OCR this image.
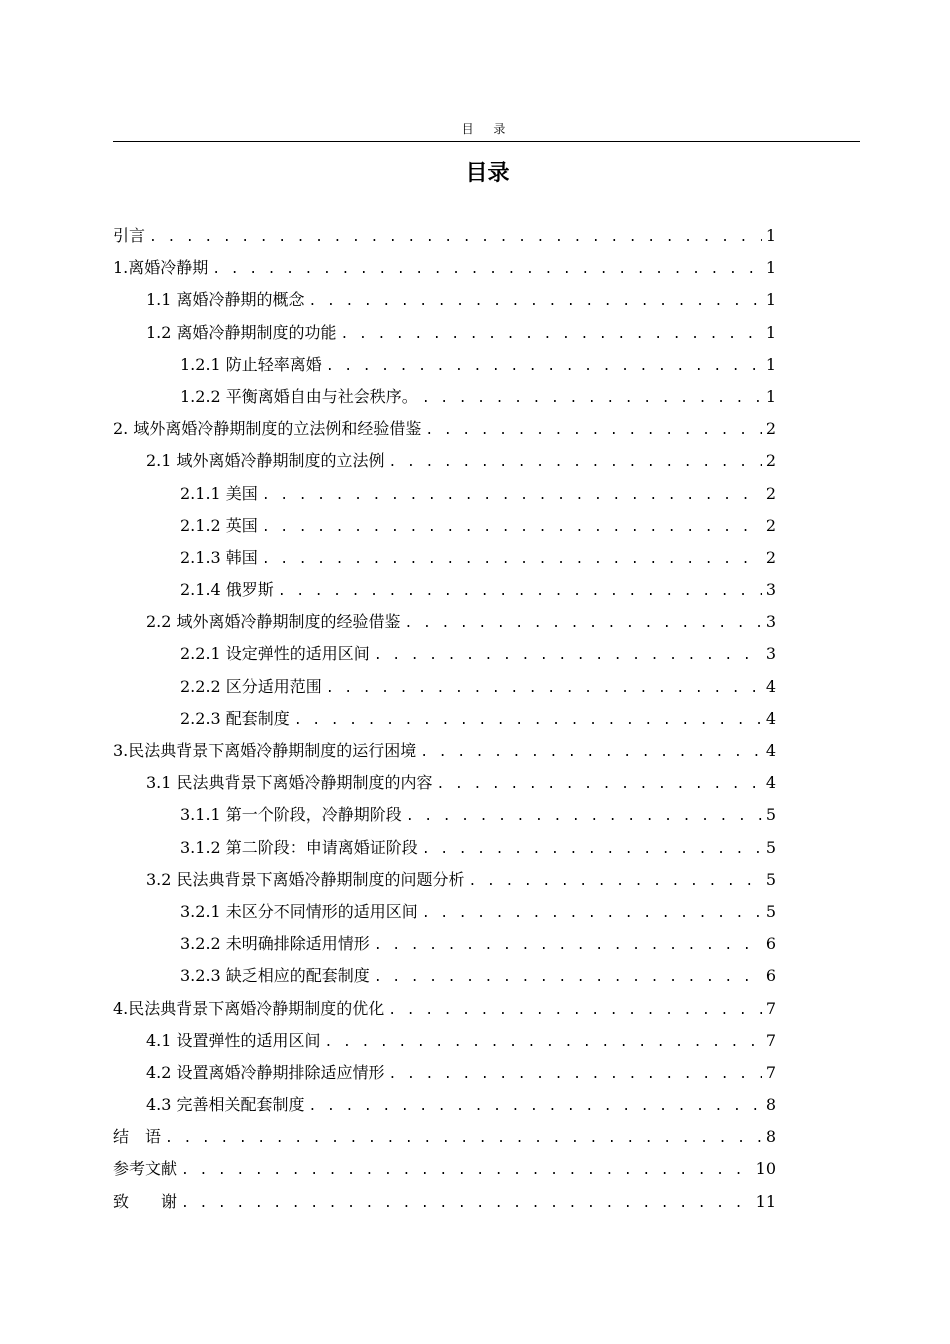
目 录
目录
引言 . . .	1
1.离婚冷静期 . . .	1
1.1 离婚冷静期的概念 . . .	1
1.2 离婚冷静期制度的功能 . . .	1
1.2.1 防止轻率离婚 . . .	1
1.2.2 平衡离婚自由与社会秩序。 . . .	1
2. 域外离婚冷静期制度的立法例和经验借鉴 . . .	2
2.1 域外离婚冷静期制度的立法例 . . .	2
2.1.1 美国 . . .	2
2.1.2 英国 . . .	2
2.1.3 韩国 . . .	2
2.1.4 俄罗斯 . . .	3
2.2 域外离婚冷静期制度的经验借鉴 . . .	3
2.2.1 设定弹性的适用区间 . . .	3
2.2.2 区分适用范围 . . .	4
2.2.3 配套制度 . . .	4
3.民法典背景下离婚冷静期制度的运行困境 . . .	4
3.1 民法典背景下离婚冷静期制度的内容 . . .	4
3.1.1 第一个阶段，冷静期阶段 . . .	5
3.1.2 第二阶段：申请离婚证阶段 . . .	5
3.2 民法典背景下离婚冷静期制度的问题分析 . . .	5
3.2.1 未区分不同情形的适用区间 . . .	5
3.2.2 未明确排除适用情形 . . .	6
3.2.3 缺乏相应的配套制度 . . .	6
4.民法典背景下离婚冷静期制度的优化 . . .	7
4.1 设置弹性的适用区间 . . .	7
4.2 设置离婚冷静期排除适应情形 . . .	7
4.3 完善相关配套制度 . . .	8
结　语 . . .	8
参考文献 . . .	10
致　　谢 . . .	11
